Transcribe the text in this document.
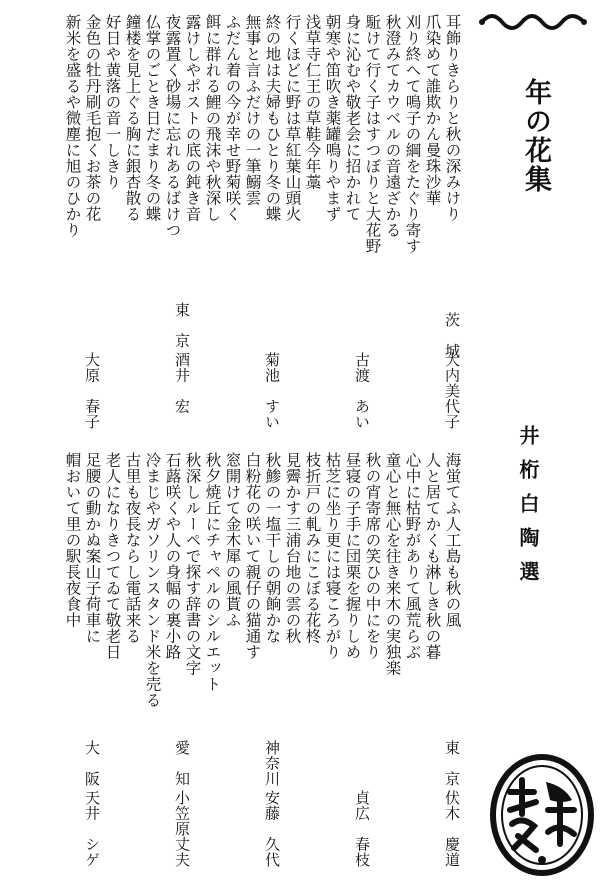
耳飾りきらりと秋の深みけり
爪染めて誰欺かん曼珠沙華
刈り終へて鳴子の綱をたぐり寄す
秋澄みてカウベルの音遠ざかる
駈けて行く子はすつぼりと大花野
身に沁むや敬老会に招かれて
朝寒や笛吹き薬罐鳴りやまず
浅草寺仁王の草鞋今年藁
行くほどに野は草紅葉山頭火
終の地は夫婦もひとり冬の蝶
無事と言ふだけの一筆鰯雲
ふだん着の今が幸せ野菊咲く
餌に群れる鯉の飛沫や秋深し
露けしやポストの底の鈍き音
夜露置く砂場に忘れあるばけつ
仏掌のごとき日だまり冬の蝶
鐘楼を見上ぐる胸に銀杏散る
好日や黄落の音一しきり
金色の牡丹刷毛抱くお茶の花
新米を盛るや微塵に旭のひかり
茨　城
大内美代子
古渡　あい
菊池　すい
東　京
酒井　宏
大原　春子
海蛍てふ人工島も秋の風
人と居てかくも淋しき秋の暮
心中に枯野がありて風荒らぶ
童心と無心を往き来木の実独楽
秋の宵寄席の笑ひの中にをり
昼寝の子手に団栗を握りしめ
枯芝に坐り更には寝ころがり
枝折戸の軋みにこぼる花柊
見霽かす三浦台地の雲の秋
秋鯵の一塩干しの朝餉かな
白粉花の咲いて親仔の猫通す
窓開けて金木犀の風貰ふ
秋夕焼丘にチャペルのシルエット
秋深しルーペで探す辞書の文字
石蕗咲くや人の身幅の裏小路
冷まじやガソリンスタンド米を売る
古里も夜長ならし電話来る
老人になりきつてゐて敬老日
足腰の動かぬ案山子荷車に
帽おいて里の駅長夜食中
東　京
伏木　慶道
貞広　春枝
神奈川
安藤　久代
愛　知
小笠原丈夫
大　阪
天井　シゲ
年の花集
井桁白陶選
